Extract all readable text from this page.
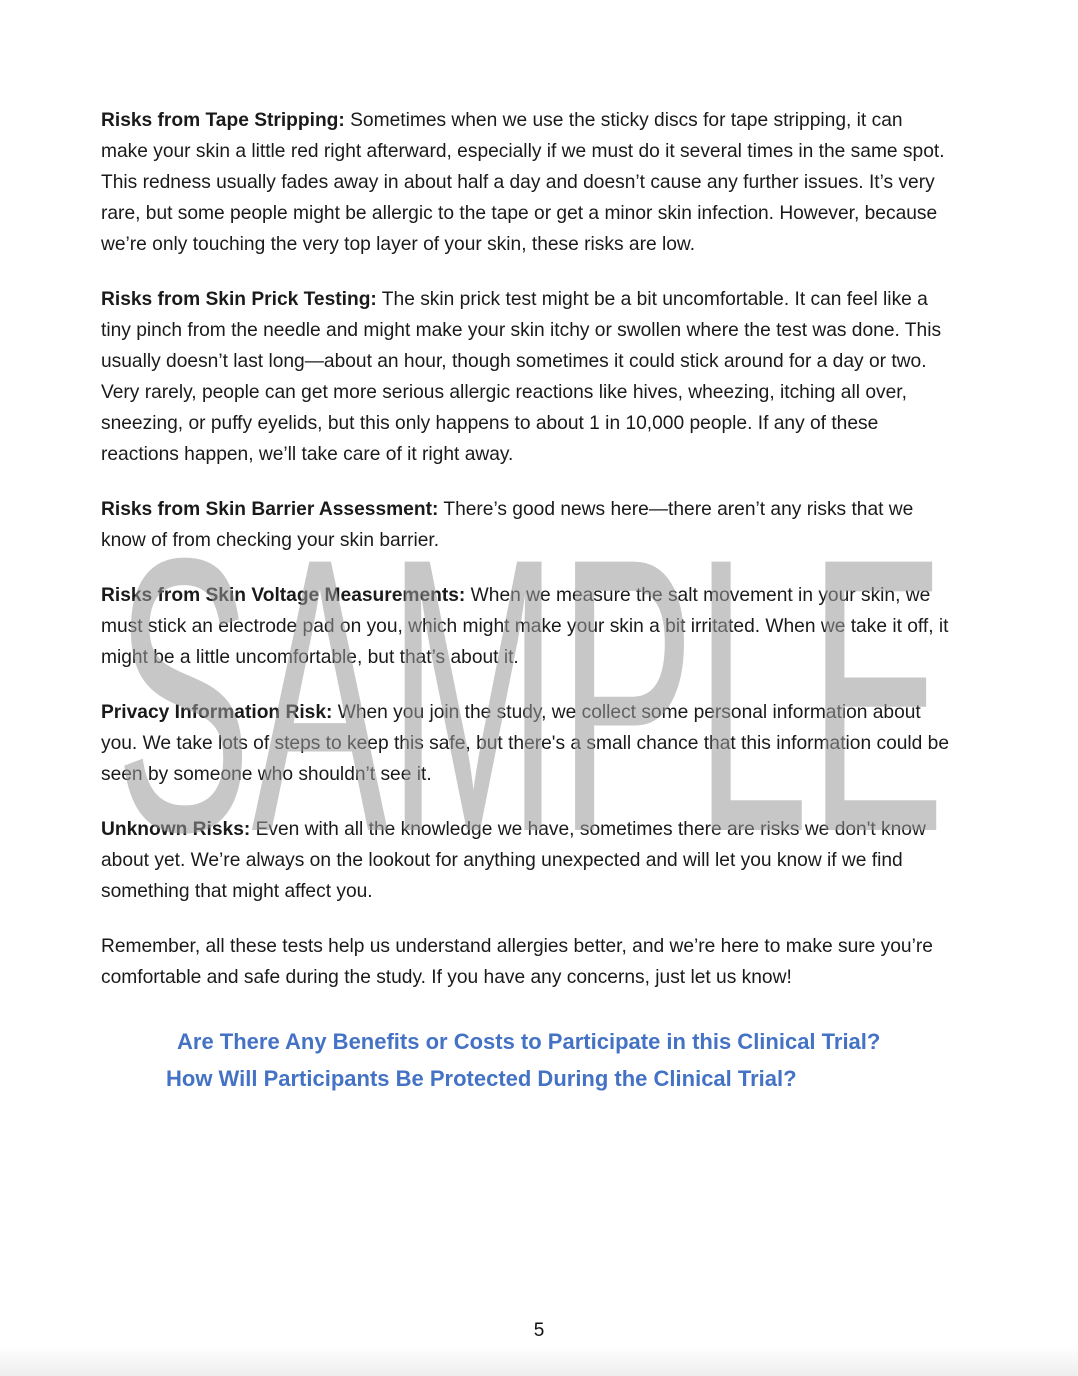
Risks from Tape Stripping: Sometimes when we use the sticky discs for tape stripping, it can make your skin a little red right afterward, especially if we must do it several times in the same spot. This redness usually fades away in about half a day and doesn’t cause any further issues. It’s very rare, but some people might be allergic to the tape or get a minor skin infection. However, because we’re only touching the very top layer of your skin, these risks are low.

Risks from Skin Prick Testing: The skin prick test might be a bit uncomfortable. It can feel like a tiny pinch from the needle and might make your skin itchy or swollen where the test was done. This usually doesn’t last long—about an hour, though sometimes it could stick around for a day or two. Very rarely, people can get more serious allergic reactions like hives, wheezing, itching all over, sneezing, or puffy eyelids, but this only happens to about 1 in 10,000 people. If any of these reactions happen, we’ll take care of it right away.

Risks from Skin Barrier Assessment: There’s good news here—there aren’t any risks that we know of from checking your skin barrier.

Risks from Skin Voltage Measurements: When we measure the salt movement in your skin, we must stick an electrode pad on you, which might make your skin a bit irritated. When we take it off, it might be a little uncomfortable, but that’s about it.

Privacy Information Risk: When you join the study, we collect some personal information about you. We take lots of steps to keep this safe, but there's a small chance that this information could be seen by someone who shouldn’t see it.

Unknown Risks: Even with all the knowledge we have, sometimes there are risks we don't know about yet. We’re always on the lookout for anything unexpected and will let you know if we find something that might affect you.

Remember, all these tests help us understand allergies better, and we’re here to make sure you’re comfortable and safe during the study. If you have any concerns, just let us know!

Are There Any Benefits or Costs to Participate in this Clinical Trial?

How Will Participants Be Protected During the Clinical Trial?

SAMPLE
5
